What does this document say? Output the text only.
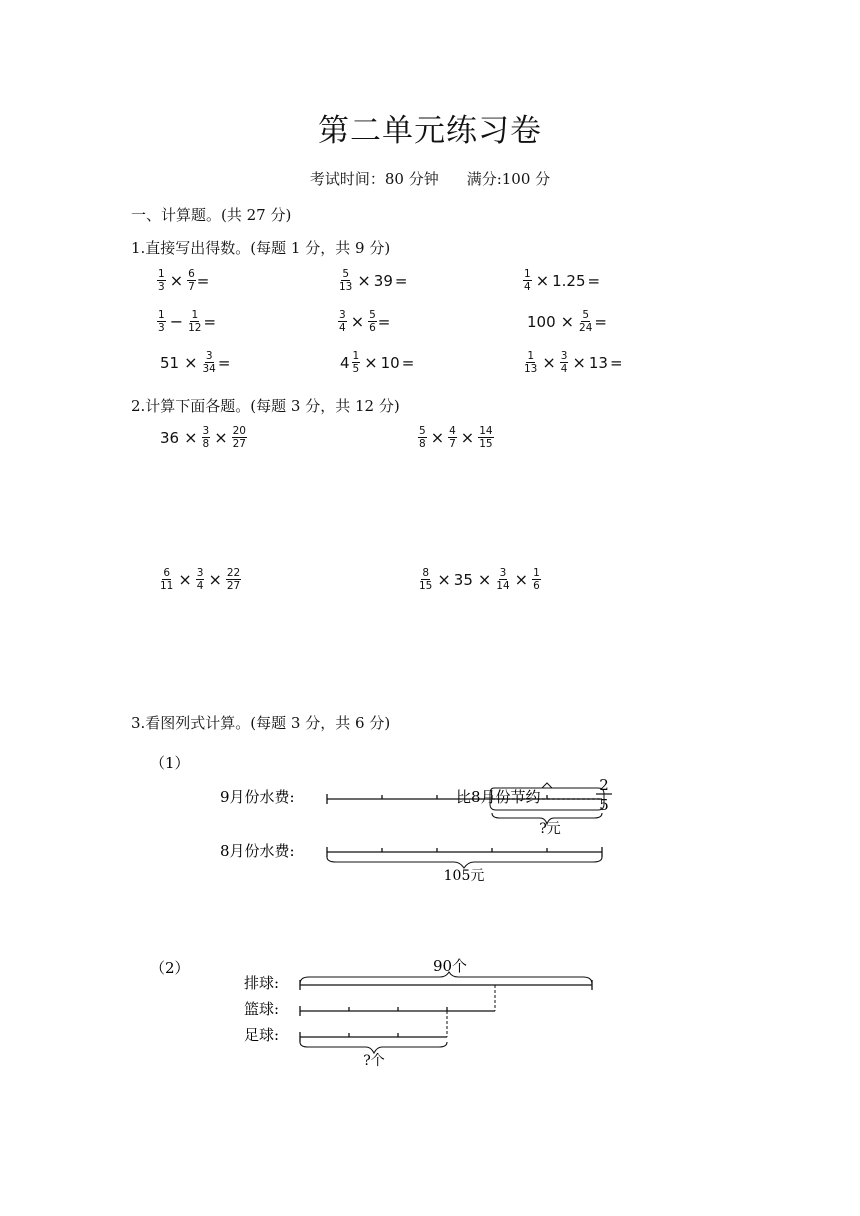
第二单元练习卷
考试时间：80 分钟 满分:100 分
一、计算题。(共 27 分)
1.直接写出得数。(每题 1 分，共 9 分)
$\frac{1}{3} \times \frac{6}{7}$ =	$\frac{5}{13} \times 39$ =	$\frac{1}{4} \times 1.25$ =
$\frac{1}{3} - \frac{1}{12}$ =	$\frac{3}{4} \times \frac{5}{6}$ =	$100 \times \frac{5}{24}$ =
$51 \times \frac{3}{34}$ =	$4 \frac{1}{5} \times 10$ =	$\frac{1}{13} \times \frac{3}{4} \times 13$ =
2.计算下面各题。(每题 3 分，共 12 分)
$36 \times \frac{3}{8} \times \frac{20}{27}$	$\frac{5}{8} \times \frac{4}{7} \times \frac{14}{15}$
$\frac{6}{11} \times \frac{3}{4} \times \frac{22}{27}$	$\frac{8}{15} \times 35 \times \frac{3}{14} \times \frac{1}{6}$
3.看图列式计算。(每题 3 分，共 6 分)
（1）
比8月份节约
2
5
9月份水费:
8月份水费:
?元
105元
（2）	90个
排球:
篮球:
足球:
?个
